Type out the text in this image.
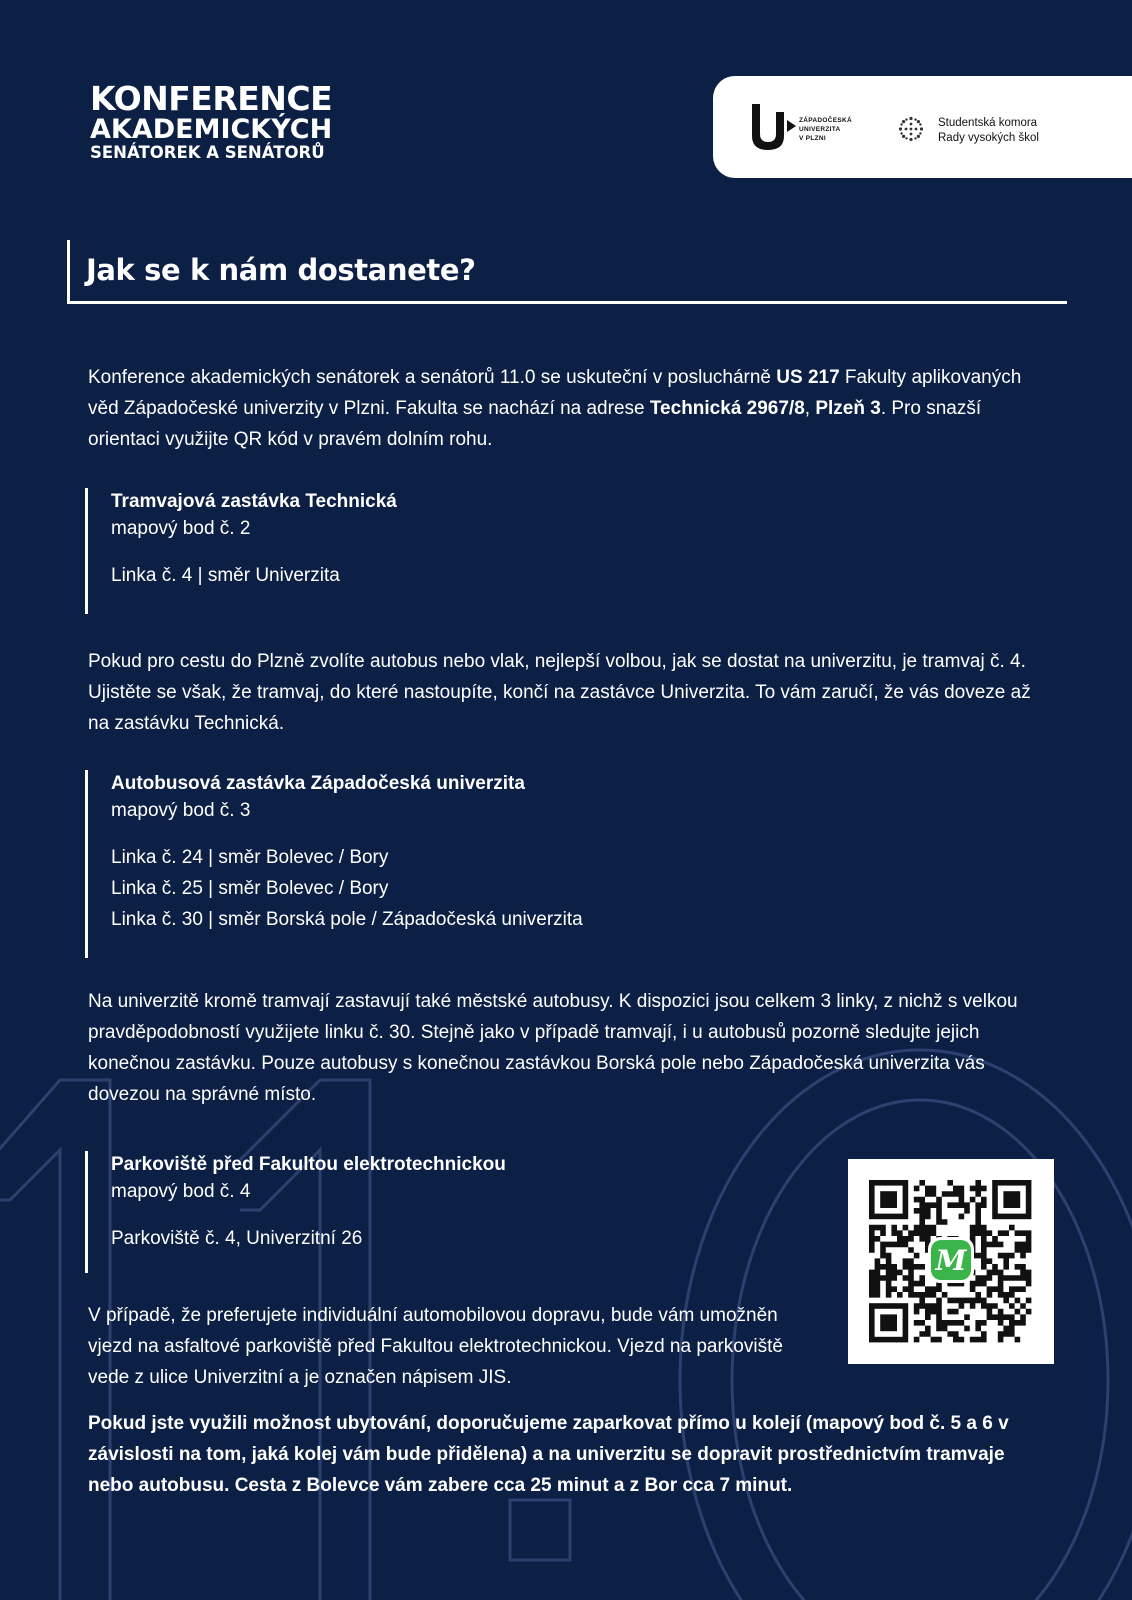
KONFERENCE
AKADEMICKÝCH
SENÁTOREK A SENÁTORŮ
ZÁPADOČESKÁ
UNIVERZITA
V PLZNI
Studentská komora
Rady vysokých škol
Jak se k nám dostanete?

Konference akademických senátorek a senátorů 11.0 se uskuteční v posluchárně US 217 Fakulty aplikovaných věd Západočeské univerzity v Plzni. Fakulta se nachází na adrese Technická 2967/8, Plzeň 3. Pro snazší orientaci využijte QR kód v pravém dolním rohu.

Tramvajová zastávka Technická
mapový bod č. 2
Linka č. 4 | směr Univerzita

Pokud pro cestu do Plzně zvolíte autobus nebo vlak, nejlepší volbou, jak se dostat na univerzitu, je tramvaj č. 4. Ujistěte se však, že tramvaj, do které nastoupíte, končí na zastávce Univerzita. To vám zaručí, že vás doveze až na zastávku Technická.

Autobusová zastávka Západočeská univerzita
mapový bod č. 3
Linka č. 24 | směr Bolevec / Bory
Linka č. 25 | směr Bolevec / Bory
Linka č. 30 | směr Borská pole / Západočeská univerzita

Na univerzitě kromě tramvají zastavují také městské autobusy. K dispozici jsou celkem 3 linky, z nichž s velkou pravděpodobností využijete linku č. 30. Stejně jako v případě tramvají, i u autobusů pozorně sledujte jejich konečnou zastávku. Pouze autobusy s konečnou zastávkou Borská pole nebo Západočeská univerzita vás dovezou na správné místo.

Parkoviště před Fakultou elektrotechnickou
mapový bod č. 4
Parkoviště č. 4, Univerzitní 26

V případě, že preferujete individuální automobilovou dopravu, bude vám umožněn vjezd na asfaltové parkoviště před Fakultou elektrotechnickou. Vjezd na parkoviště vede z ulice Univerzitní a je označen nápisem JIS.

Pokud jste využili možnost ubytování, doporučujeme zaparkovat přímo u kolejí (mapový bod č. 5 a 6 v závislosti na tom, jaká kolej vám bude přidělena) a na univerzitu se dopravit prostřednictvím tramvaje nebo autobusu. Cesta z Bolevce vám zabere cca 25 minut a z Bor cca 7 minut.

M
